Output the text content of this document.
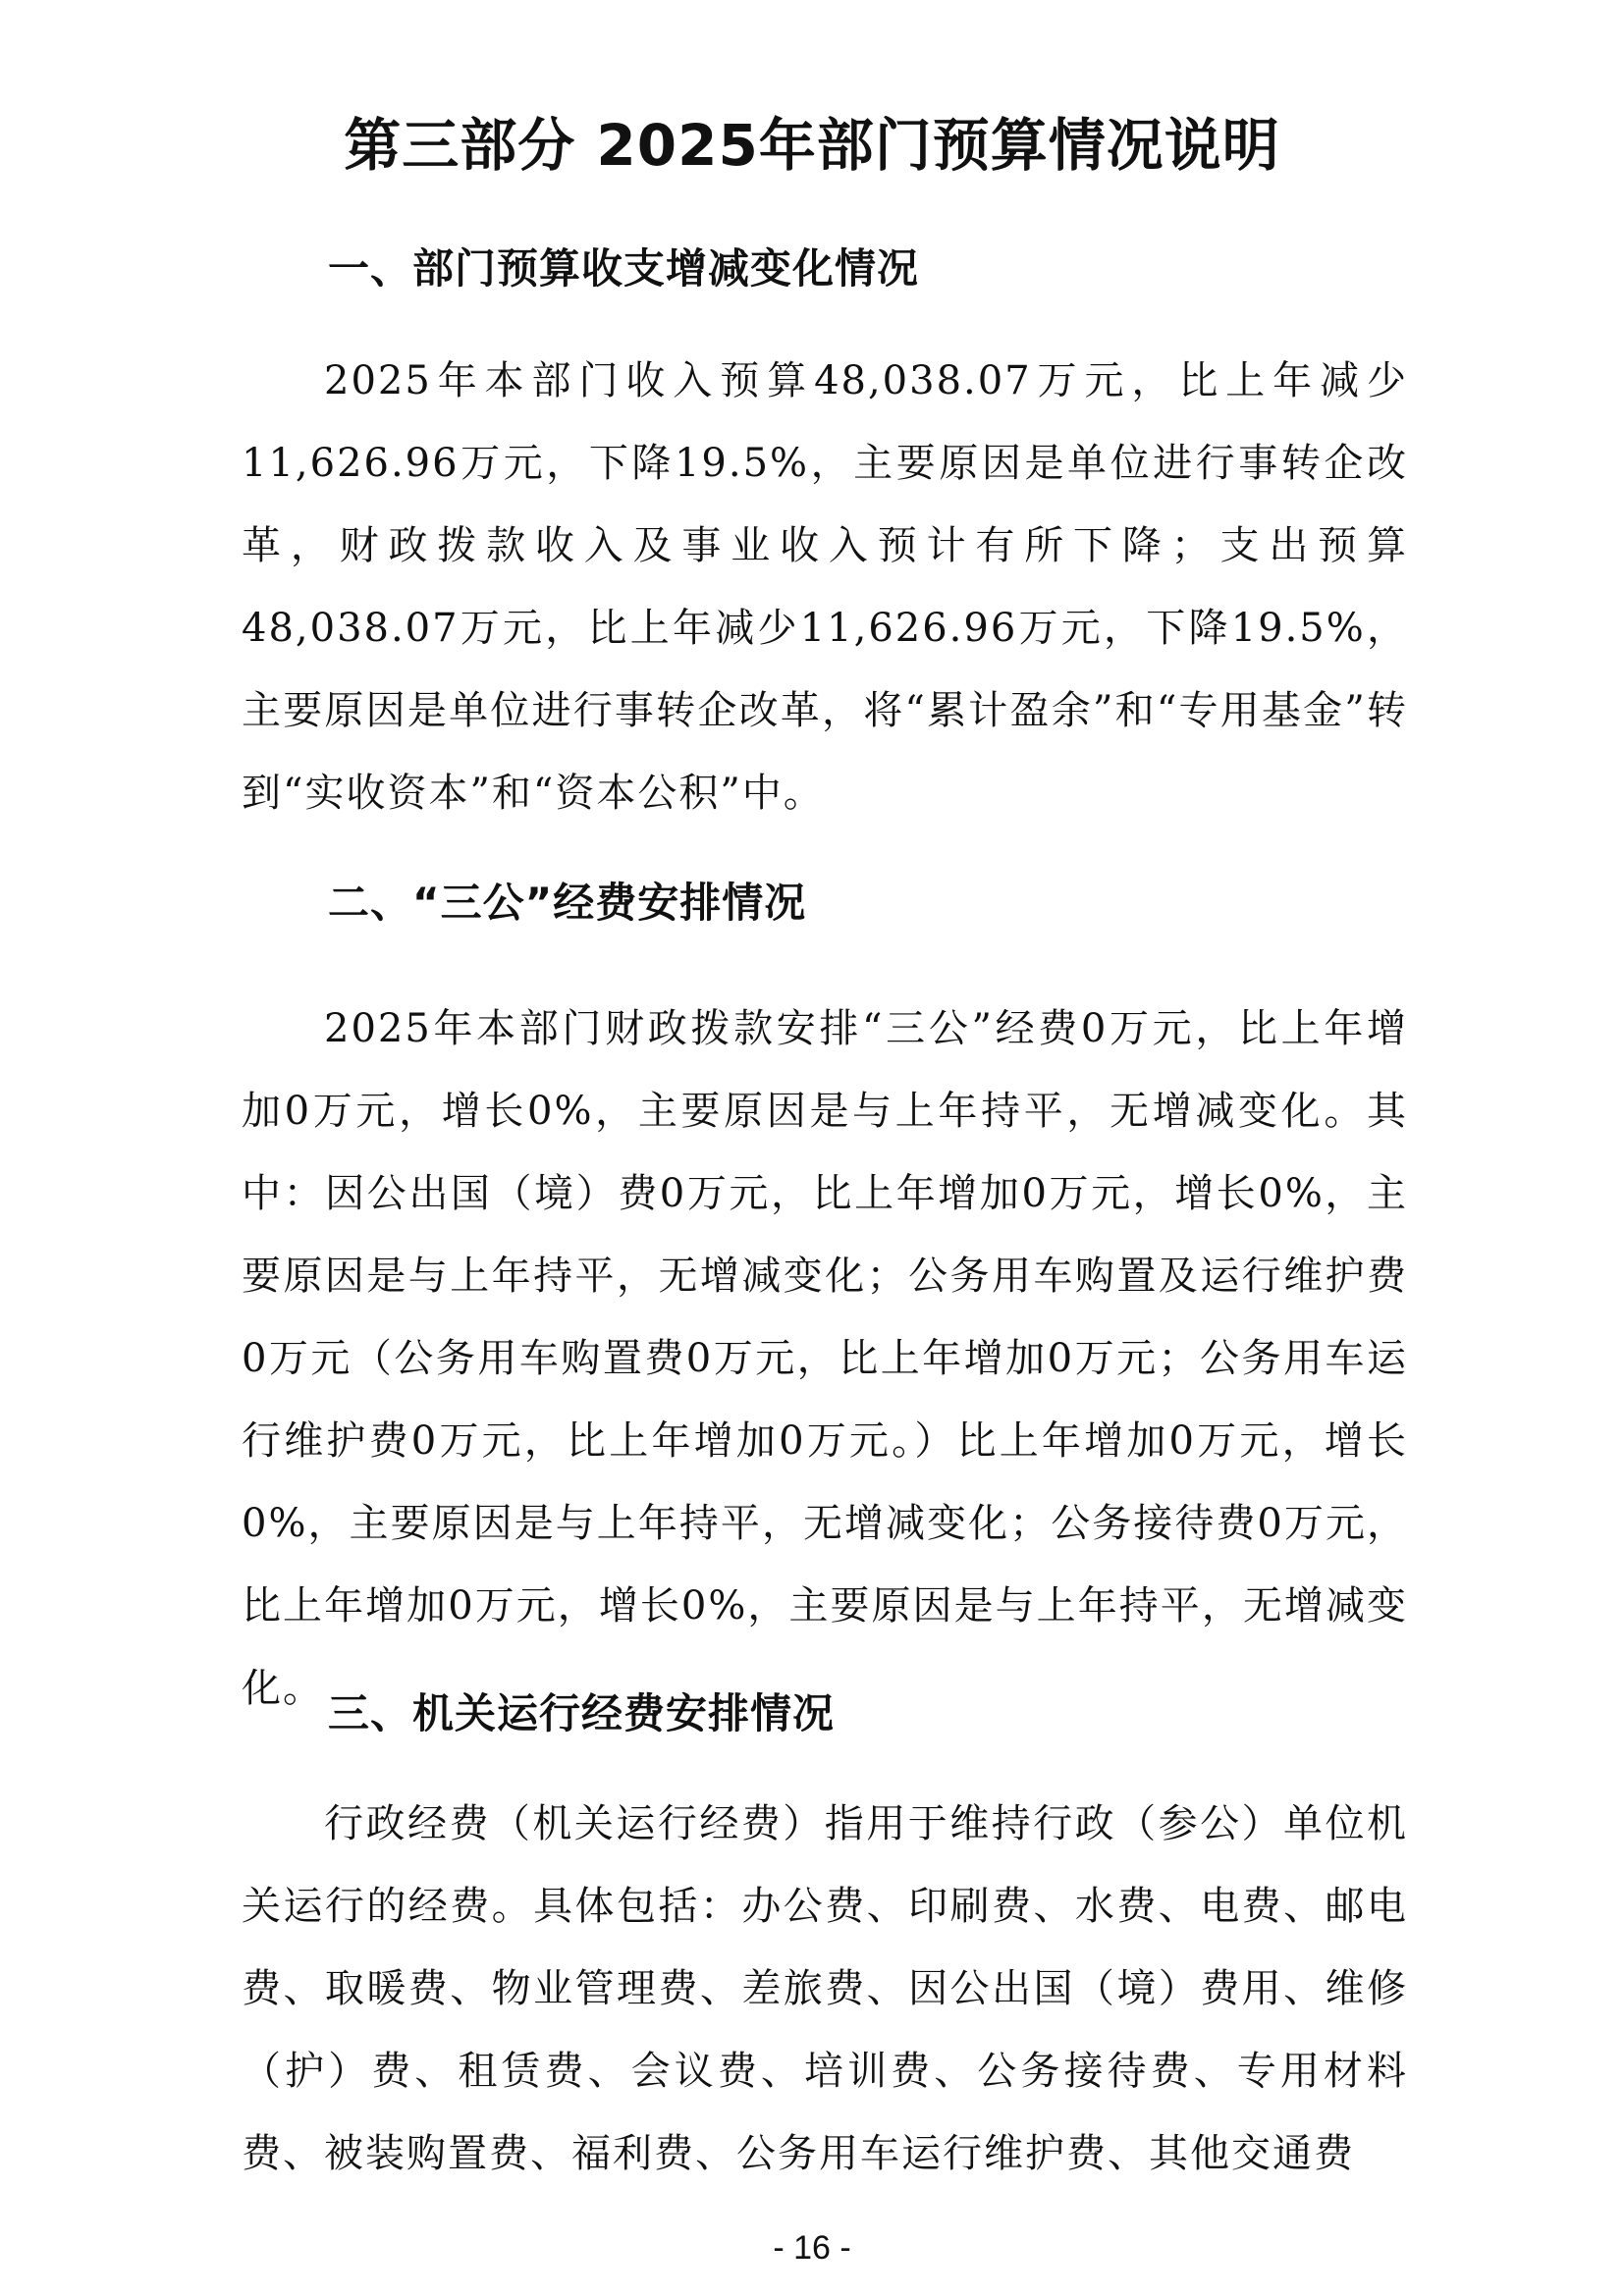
第三部分 2025年部门预算情况说明
一、部门预算收支增减变化情况
2025年本部门收入预算48,038.07万元，比上年减少11,626.96万元，下降19.5%，主要原因是单位进行事转企改革，财政拨款收入及事业收入预计有所下降；支出预算48,038.07万元，比上年减少11,626.96万元，下降19.5%，主要原因是单位进行事转企改革，将“累计盈余”和“专用基金”转到“实收资本”和“资本公积”中。
二、“三公”经费安排情况
2025年本部门财政拨款安排“三公”经费0万元，比上年增加0万元，增长0%，主要原因是与上年持平，无增减变化。其中：因公出国（境）费0万元，比上年增加0万元，增长0%，主要原因是与上年持平，无增减变化；公务用车购置及运行维护费0万元（公务用车购置费0万元，比上年增加0万元；公务用车运行维护费0万元，比上年增加0万元。）比上年增加0万元，增长0%，主要原因是与上年持平，无增减变化；公务接待费0万元，比上年增加0万元，增长0%，主要原因是与上年持平，无增减变化。
三、机关运行经费安排情况
行政经费（机关运行经费）指用于维持行政（参公）单位机关运行的经费。具体包括：办公费、印刷费、水费、电费、邮电费、取暖费、物业管理费、差旅费、因公出国（境）费用、维修（护）费、租赁费、会议费、培训费、公务接待费、专用材料费、被装购置费、福利费、公务用车运行维护费、其他交通费
- 16 -
